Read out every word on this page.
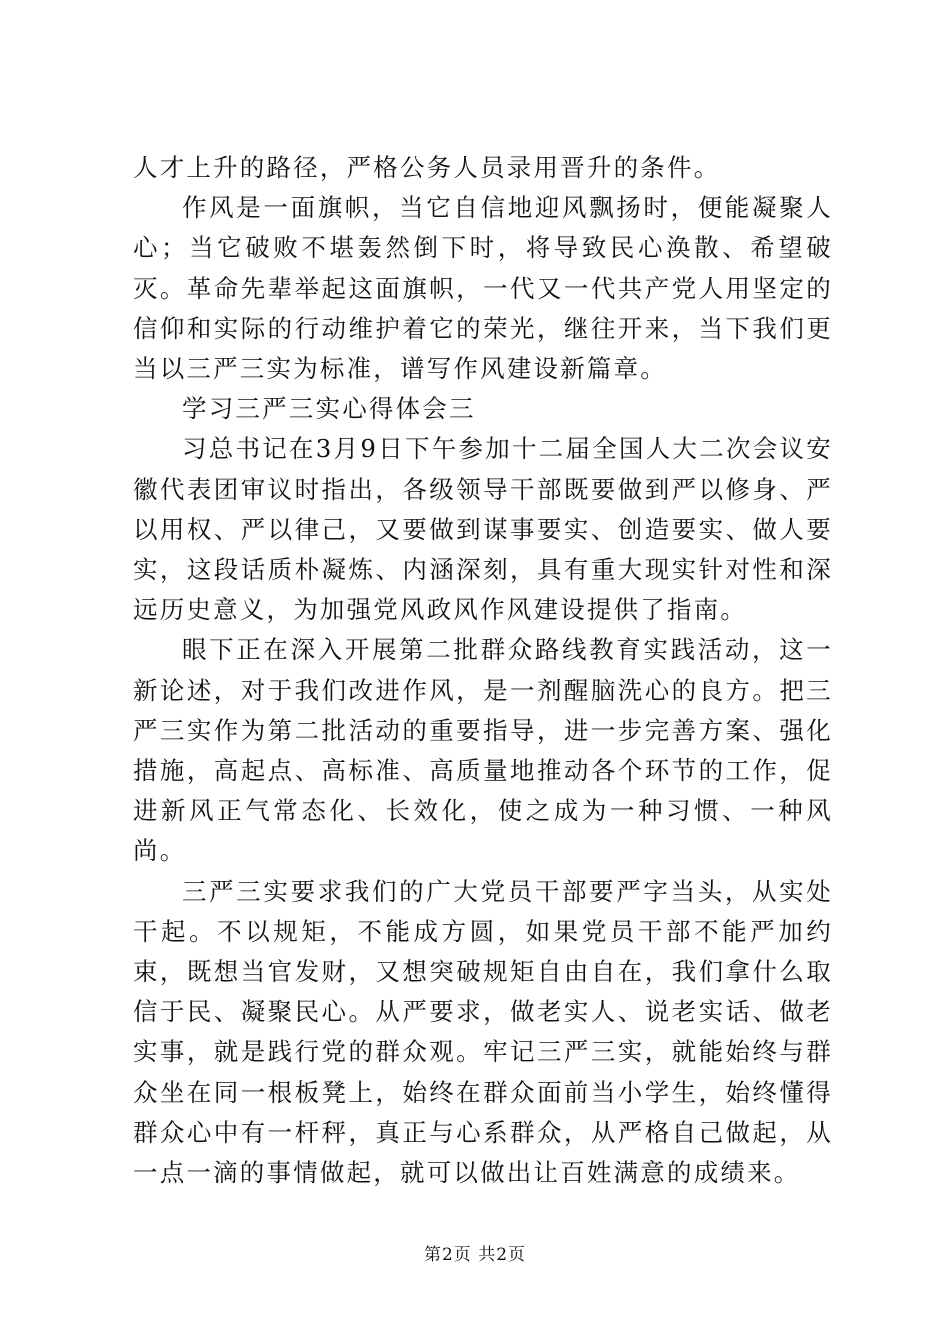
人才上升的路径，严格公务人员录用晋升的条件。

作风是一面旗帜，当它自信地迎风飘扬时，便能凝聚人心；当它破败不堪轰然倒下时，将导致民心涣散、希望破灭。革命先辈举起这面旗帜，一代又一代共产党人用坚定的信仰和实际的行动维护着它的荣光，继往开来，当下我们更当以三严三实为标准，谱写作风建设新篇章。

学习三严三实心得体会三

习总书记在3月9日下午参加十二届全国人大二次会议安徽代表团审议时指出，各级领导干部既要做到严以修身、严以用权、严以律己，又要做到谋事要实、创造要实、做人要实，这段话质朴凝炼、内涵深刻，具有重大现实针对性和深远历史意义，为加强党风政风作风建设提供了指南。

眼下正在深入开展第二批群众路线教育实践活动，这一新论述，对于我们改进作风，是一剂醒脑洗心的良方。把三严三实作为第二批活动的重要指导，进一步完善方案、强化措施，高起点、高标准、高质量地推动各个环节的工作，促进新风正气常态化、长效化，使之成为一种习惯、一种风尚。

三严三实要求我们的广大党员干部要严字当头，从实处干起。不以规矩，不能成方圆，如果党员干部不能严加约束，既想当官发财，又想突破规矩自由自在，我们拿什么取信于民、凝聚民心。从严要求，做老实人、说老实话、做老实事，就是践行党的群众观。牢记三严三实，就能始终与群众坐在同一根板凳上，始终在群众面前当小学生，始终懂得群众心中有一杆秤，真正与心系群众，从严格自己做起，从一点一滴的事情做起，就可以做出让百姓满意的成绩来。

第2页 共2页
